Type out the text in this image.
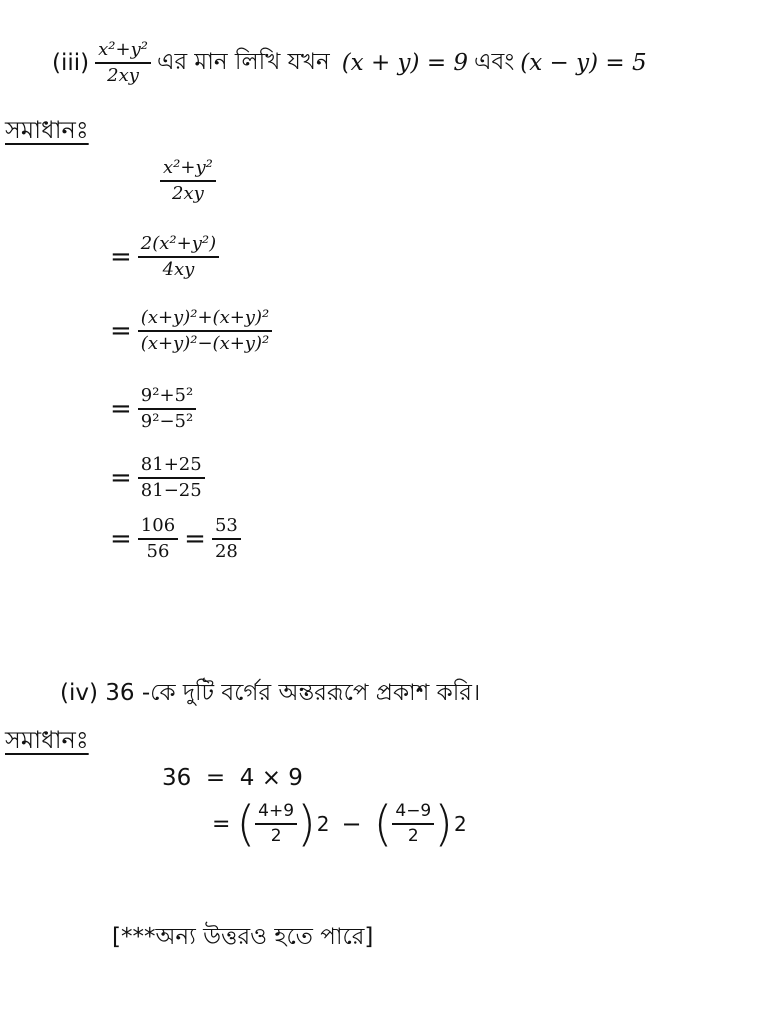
$(iii) \frac{\text{x²+y²}}{2xy}$ এর মান লিখি যখন (x + y) = 9 এবং (x − y) = 5
সমাধানঃ
$\frac{\text{x²+y²}}{2xy}$
= $\frac{\text{2(x²+y²)}}{4xy}$
= $\frac{\text{(x+y)²+(x+y)²}}{\text{(x+y)²−(x+y)²}}$
= $\frac{\text{9²+5²}}{\text{9²−5²}}$
= $\frac{81+25}{81-25}$
= $\frac{106}{56} = \frac{53}{28}$
(iv) 36 -কে দুটি বর্গের অন্তররূপে প্রকাশ করি।
সমাধানঃ
36  =  4 × 9
= ( $\frac{4+9}{2}$ ) 2 − ( $\frac{4-9}{2}$ ) 2
[***অন্য উত্তরও হতে পারে]
